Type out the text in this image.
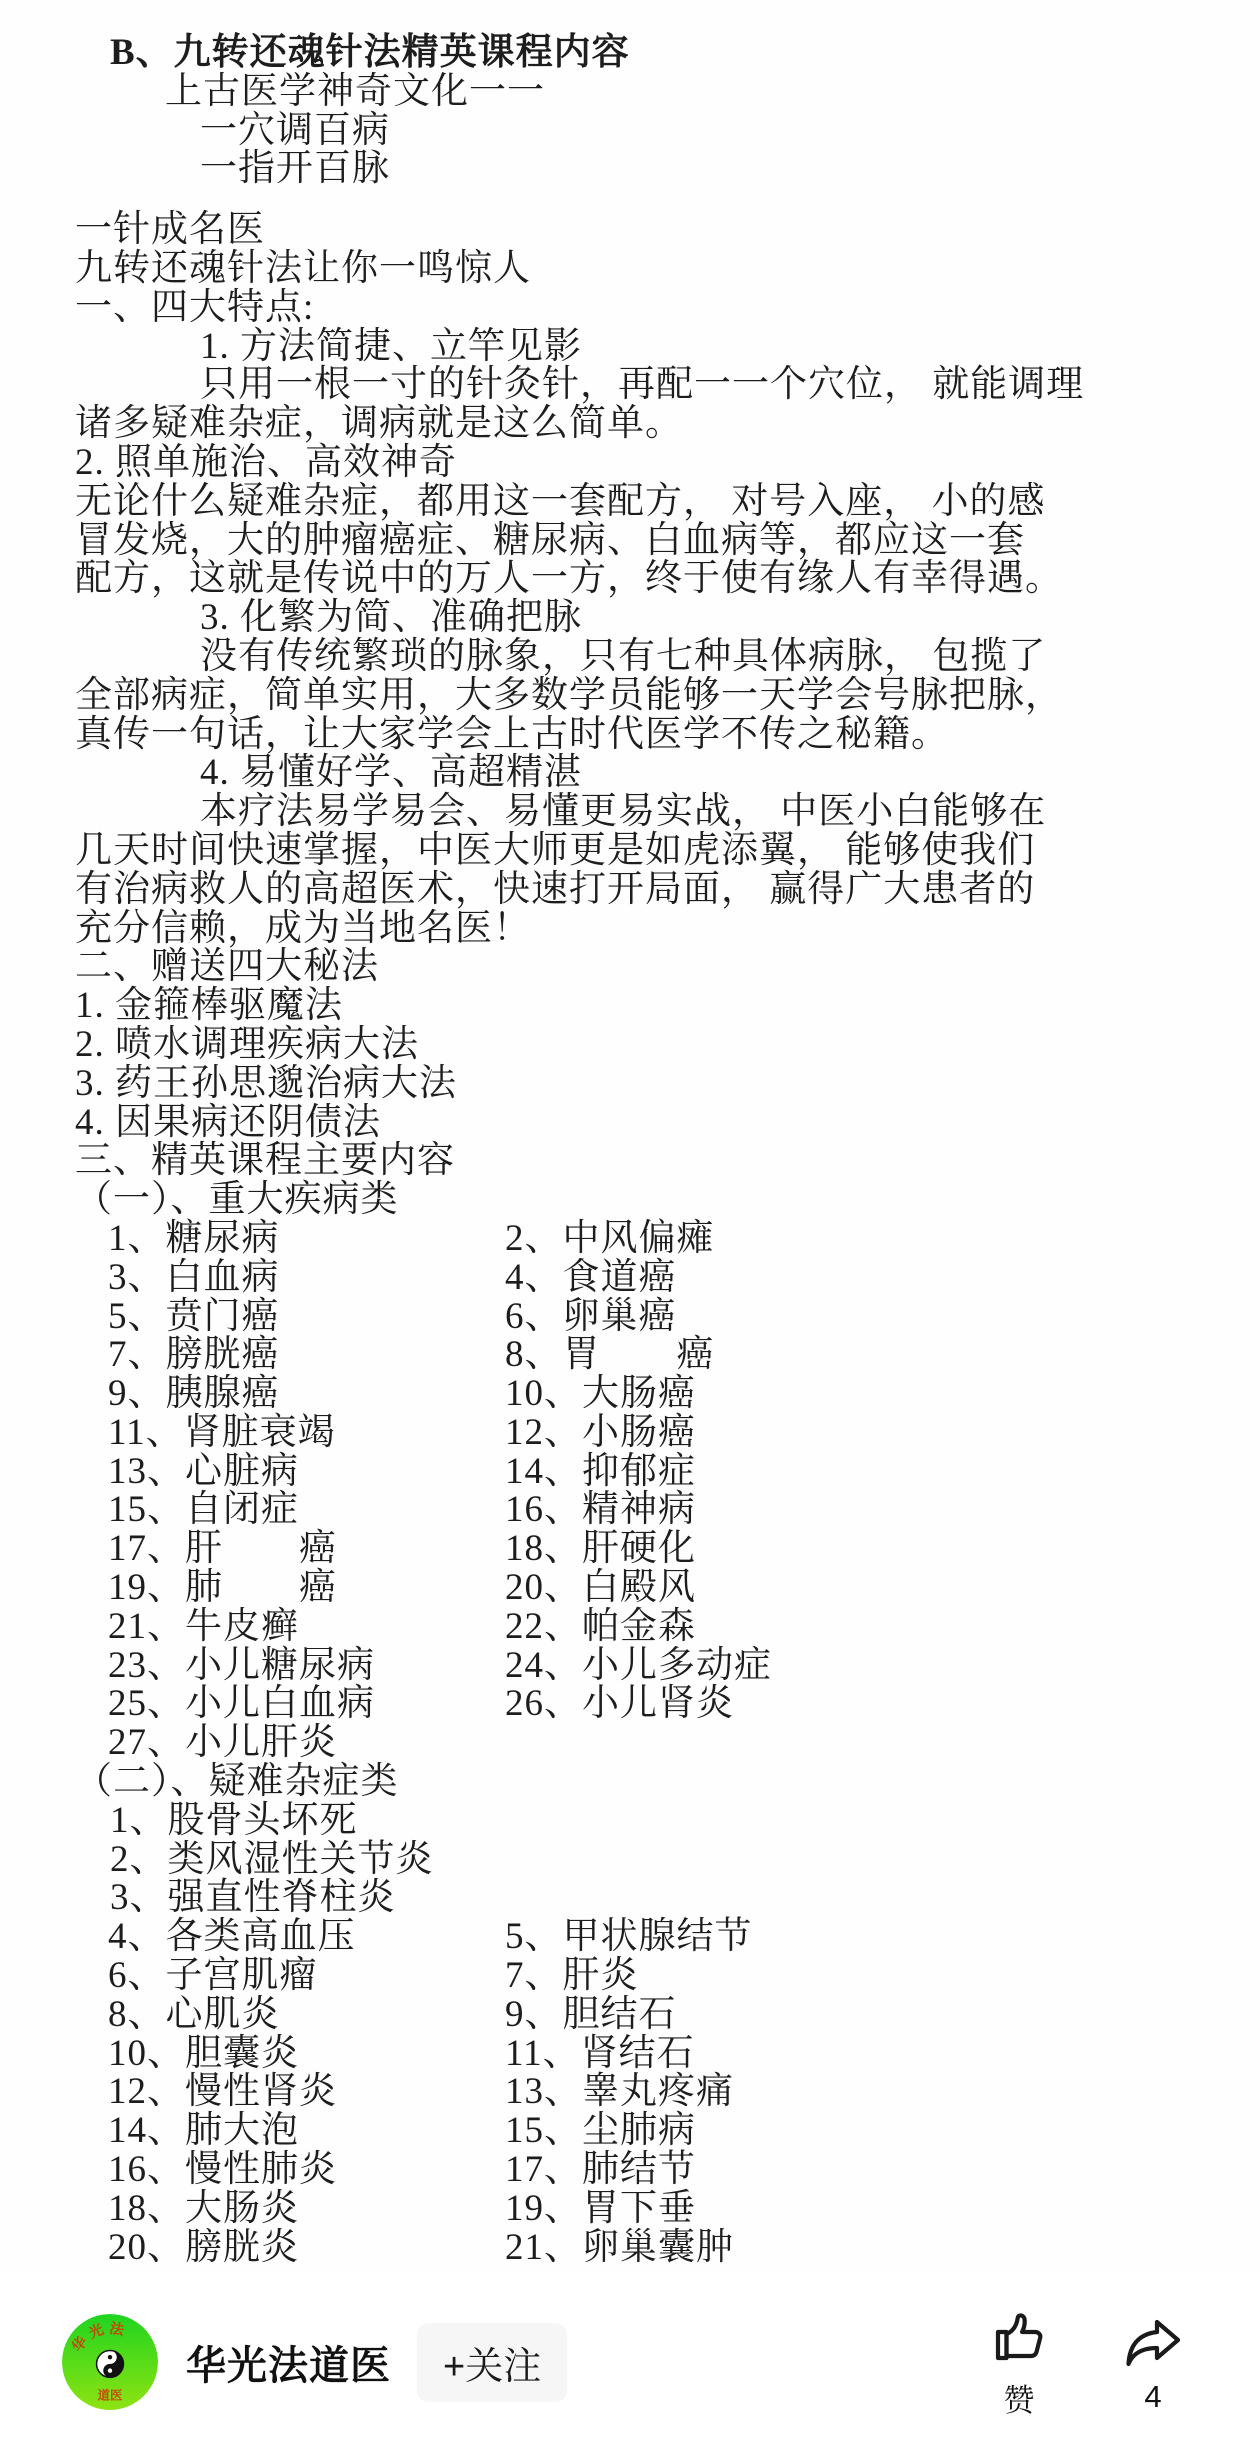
B、九转还魂针法精英课程内容
上古医学神奇文化一一
一穴调百病
一指开百脉
一针成名医
九转还魂针法让你一鸣惊人
一、四大特点:
1. 方法简捷、立竿见影
只用一根一寸的针灸针，再配一一个穴位， 就能调理
诸多疑难杂症，调病就是这么简单。
2. 照单施治、高效神奇
无论什么疑难杂症，都用这一套配方， 对号入座， 小的感
冒发烧，大的肿瘤癌症、糖尿病、白血病等，都应这一套
配方，这就是传说中的万人一方，终于使有缘人有幸得遇。
3. 化繁为简、准确把脉
没有传统繁琐的脉象，只有七种具体病脉， 包揽了
全部病症，简单实用，大多数学员能够一天学会号脉把脉，
真传一句话，让大家学会上古时代医学不传之秘籍。
4. 易懂好学、高超精湛
本疗法易学易会、易懂更易实战， 中医小白能够在
几天时间快速掌握，中医大师更是如虎添翼， 能够使我们
有治病救人的高超医术，快速打开局面， 赢得广大患者的
充分信赖，成为当地名医！
二、赠送四大秘法
1. 金箍棒驱魔法
2. 喷水调理疾病大法
3. 药王孙思邈治病大法
4. 因果病还阴债法
三、精英课程主要内容
（一）、重大疾病类
1、糖尿病	2、中风偏瘫
3、白血病	4、食道癌
5、贲门癌	6、卵巢癌
7、膀胱癌	8、胃　　癌
9、胰腺癌	10、大肠癌
11、肾脏衰竭	12、小肠癌
13、心脏病	14、抑郁症
15、自闭症	16、精神病
17、肝　　癌	18、肝硬化
19、肺　　癌	20、白殿风
21、牛皮癣	22、帕金森
23、小儿糖尿病	24、小儿多动症
25、小儿白血病	26、小儿肾炎
27、小儿肝炎
（二）、疑难杂症类
1、股骨头坏死
2、类风湿性关节炎
3、强直性脊柱炎
4、各类高血压	5、甲状腺结节
6、子宫肌瘤	7、肝炎
8、心肌炎	9、胆结石
10、胆囊炎	11、肾结石
12、慢性肾炎	13、睾丸疼痛
14、肺大泡	15、尘肺病
16、慢性肺炎	17、肺结节
18、大肠炎	19、胃下垂
20、膀胱炎	21、卵巢囊肿
华 光 法
道医
华光法道医	+关注
赞	4
